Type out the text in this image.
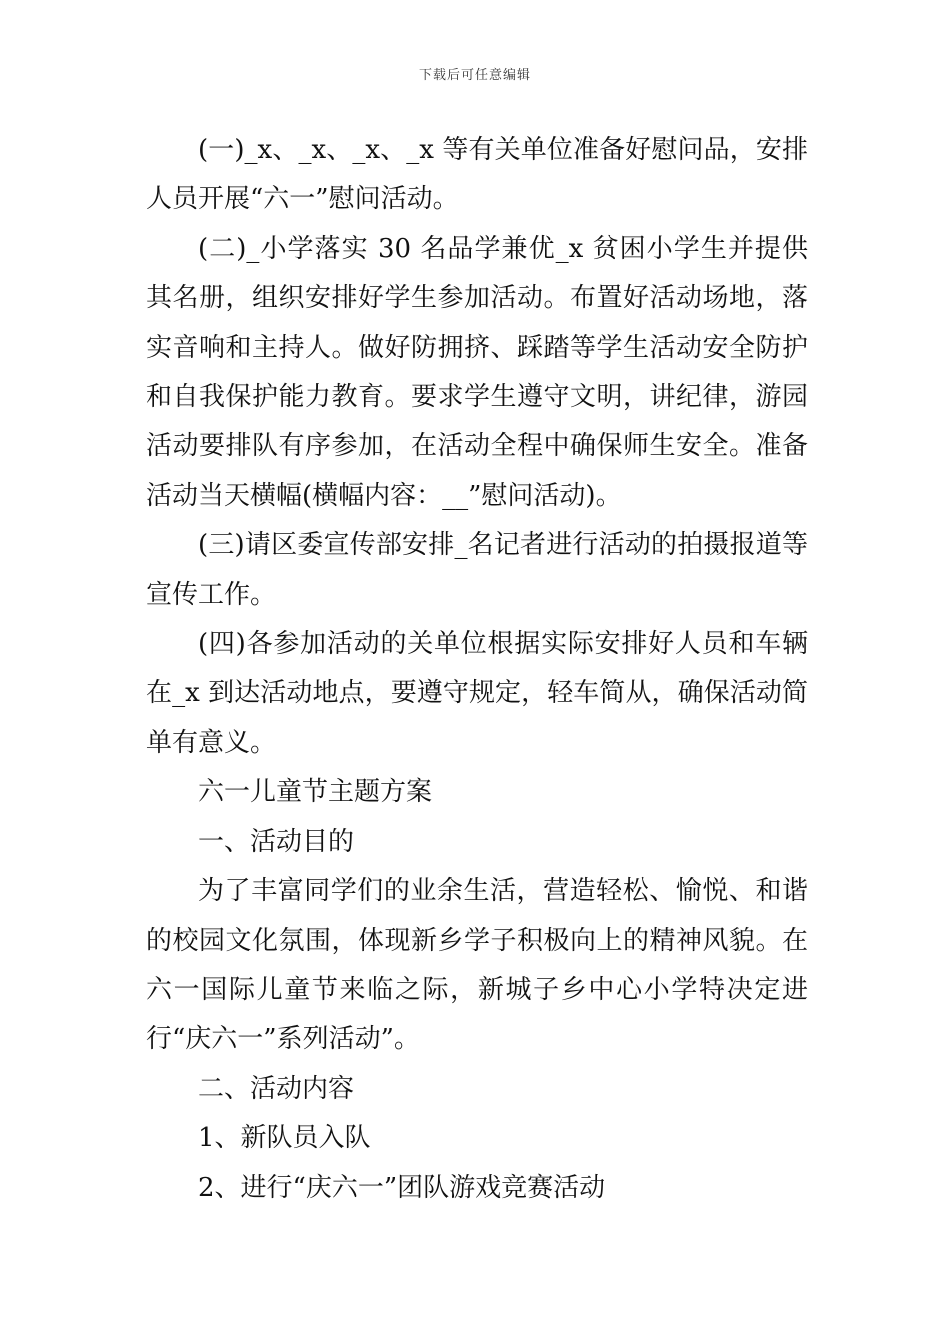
下载后可任意编辑

(一)_x、_x、_x、_x 等有关单位准备好慰问品，安排人员开展“六一”慰问活动。

(二)_小学落实 30 名品学兼优_x 贫困小学生并提供其名册，组织安排好学生参加活动。布置好活动场地，落实音响和主持人。做好防拥挤、踩踏等学生活动安全防护和自我保护能力教育。要求学生遵守文明，讲纪律，游园活动要排队有序参加，在活动全程中确保师生安全。准备活动当天横幅(横幅内容：__”慰问活动)。

(三)请区委宣传部安排_名记者进行活动的拍摄报道等宣传工作。

(四)各参加活动的关单位根据实际安排好人员和车辆在_x 到达活动地点，要遵守规定，轻车简从，确保活动简单有意义。

六一儿童节主题方案

一、活动目的

为了丰富同学们的业余生活，营造轻松、愉悦、和谐的校园文化氛围，体现新乡学子积极向上的精神风貌。在六一国际儿童节来临之际，新城子乡中心小学特决定进行“庆六一”系列活动”。

二、活动内容

1、新队员入队

2、进行“庆六一”团队游戏竞赛活动
